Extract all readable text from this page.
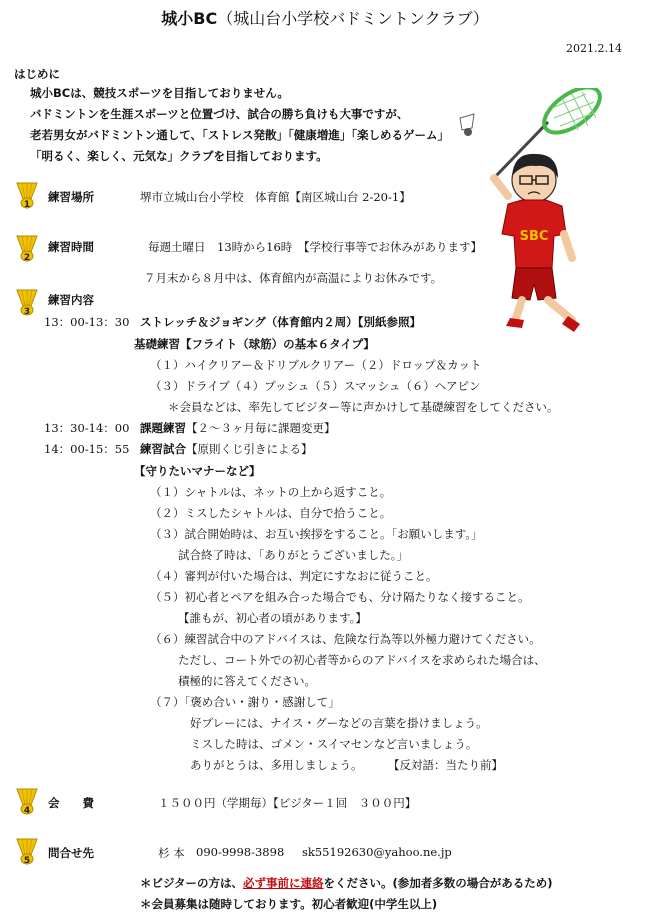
城小BC（城山台小学校バドミントンクラブ）
2021.2.14
はじめに
城小BCは、競技スポーツを目指しておりません。
バドミントンを生涯スポーツと位置づけ、試合の勝ち負けも大事ですが、
老若男女がバドミントン通して、「ストレス発散」「健康増進」「楽しめるゲーム」
「明るく、楽しく、元気な」クラブを目指しております。
1
練習場所	堺市立城山台小学校　体育館【南区城山台 2-20-1】
2
練習時間	毎週土曜日　13時から16時　【学校行事等でお休みがあります】
７月末から８月中は、体育館内が高温によりお休みです。
3
練習内容
13：00-13：30 ストレッチ＆ジョギング（体育館内２周）【別紙参照】
基礎練習【フライト（球筋）の基本６タイプ】
（１）ハイクリアー＆ドリブルクリアー（２）ドロップ＆カット
（３）ドライブ（４）プッシュ（５）スマッシュ（６）ヘアピン
＊会員などは、率先してビジター等に声かけして基礎練習をしてください。
13：30-14：00 課題練習【２～３ヶ月毎に課題変更】
14：00-15：55 練習試合【原則くじ引きによる】
【守りたいマナーなど】
（１）シャトルは、ネットの上から返すこと。
（２）ミスしたシャトルは、自分で拾うこと。
（３）試合開始時は、お互い挨拶をすること。「お願いします。」
試合終了時は、「ありがとうございました。」
（４）審判が付いた場合は、判定にすなおに従うこと。
（５）初心者とペアを組み合った場合でも、分け隔たりなく接すること。
【誰もが、初心者の頃があります。】
（６）練習試合中のアドバイスは、危険な行為等以外極力避けてください。
ただし、コート外での初心者等からのアドバイスを求められた場合は、
積極的に答えてください。
（７）「褒め合い・謝り・感謝して」
好プレーには、ナイス・グーなどの言葉を掛けましょう。
ミスした時は、ゴメン・スイマセンなど言いましょう。
ありがとうは、多用しましょう。 【反対語：当たり前】
4
会　　費	１５００円（学期毎）【ビジター１回　３００円】
5
問合せ先	杉 本 090-9998-3898 sk55192630@yahoo.ne.jp
＊ビジターの方は、必ず事前に連絡をください。(参加者多数の場合があるため)
＊会員募集は随時しております。初心者歓迎(中学生以上)
SBC
